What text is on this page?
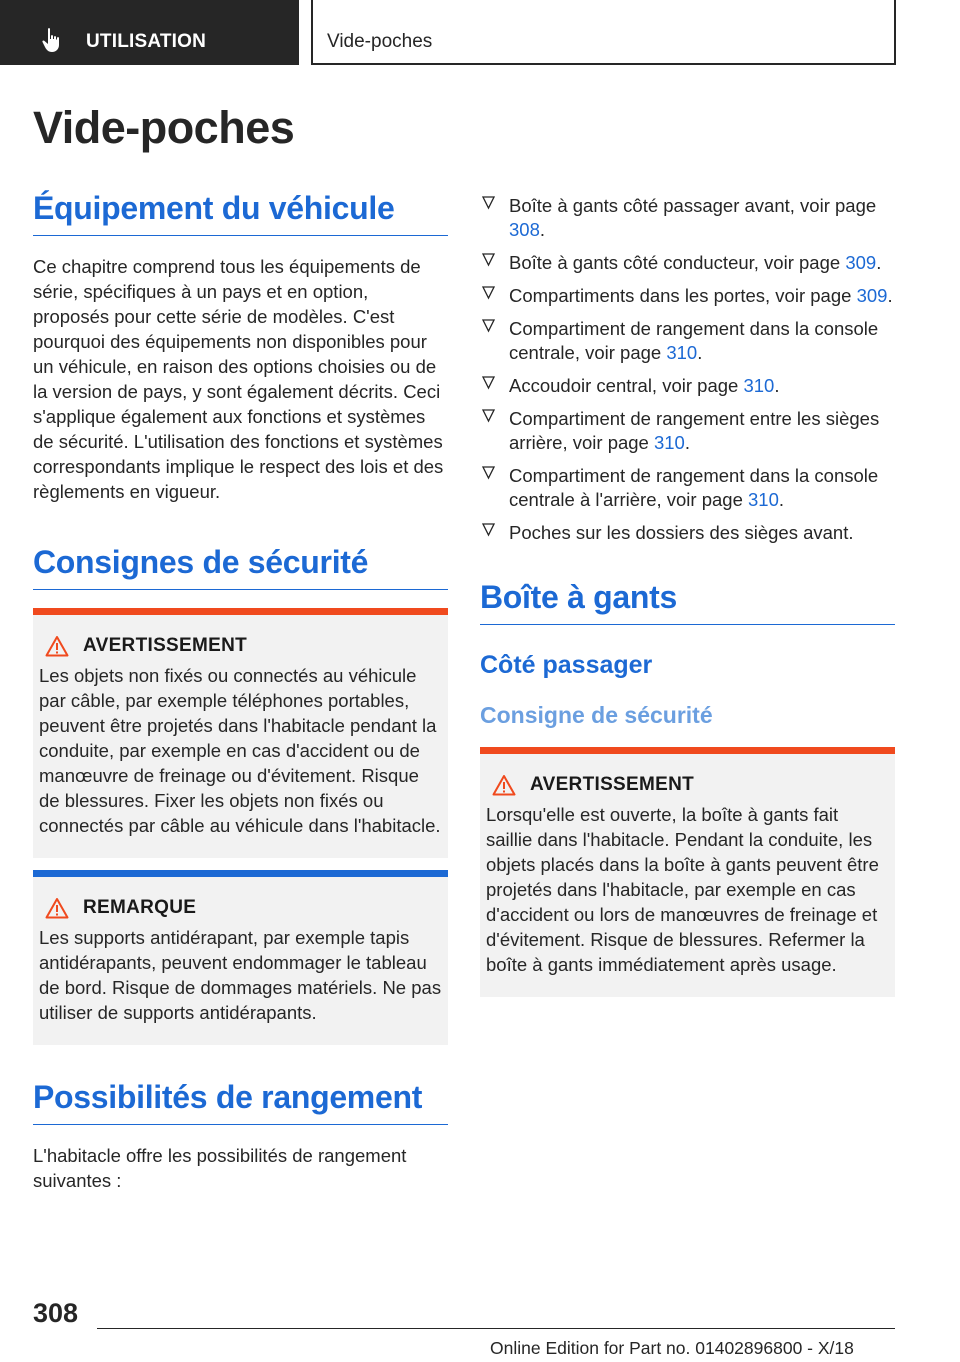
UTILISATION	Vide-poches
Vide-poches
Équipement du véhicule

Ce chapitre comprend tous les équipements de série, spécifiques à un pays et en option, proposés pour cette série de modèles. C'est pourquoi des équipements non disponibles pour un véhicule, en raison des options choisies ou de la version de pays, y sont également décrits. Ceci s'applique également aux fonctions et systèmes de sécurité. L'utilisation des fonctions et systèmes correspondants implique le respect des lois et des règlements en vigueur.

Consignes de sécurité
AVERTISSEMENT

Les objets non fixés ou connectés au véhicule par câble, par exemple téléphones portables, peuvent être projetés dans l'habitacle pendant la conduite, par exemple en cas d'accident ou de manœuvre de freinage ou d'évitement. Risque de blessures. Fixer les objets non fixés ou connectés par câble au véhicule dans l'habitacle.

REMARQUE

Les supports antidérapant, par exemple tapis antidérapants, peuvent endommager le tableau de bord. Risque de dommages matériels. Ne pas utiliser de supports antidérapants.

Possibilités de rangement

L'habitacle offre les possibilités de rangement suivantes :

Boîte à gants côté passager avant, voir page 308.
Boîte à gants côté conducteur, voir page 309.
Compartiments dans les portes, voir page 309.
Compartiment de rangement dans la console centrale, voir page 310.
Accoudoir central, voir page 310.
Compartiment de rangement entre les sièges arrière, voir page 310.
Compartiment de rangement dans la console centrale à l'arrière, voir page 310.
Poches sur les dossiers des sièges avant.
Boîte à gants
Côté passager
Consigne de sécurité
AVERTISSEMENT

Lorsqu'elle est ouverte, la boîte à gants fait saillie dans l'habitacle. Pendant la conduite, les objets placés dans la boîte à gants peuvent être projetés dans l'habitacle, par exemple en cas d'accident ou lors de manœuvres de freinage et d'évitement. Risque de blessures. Refermer la boîte à gants immédiatement après usage.

308
Online Edition for Part no. 01402896800 - X/18
